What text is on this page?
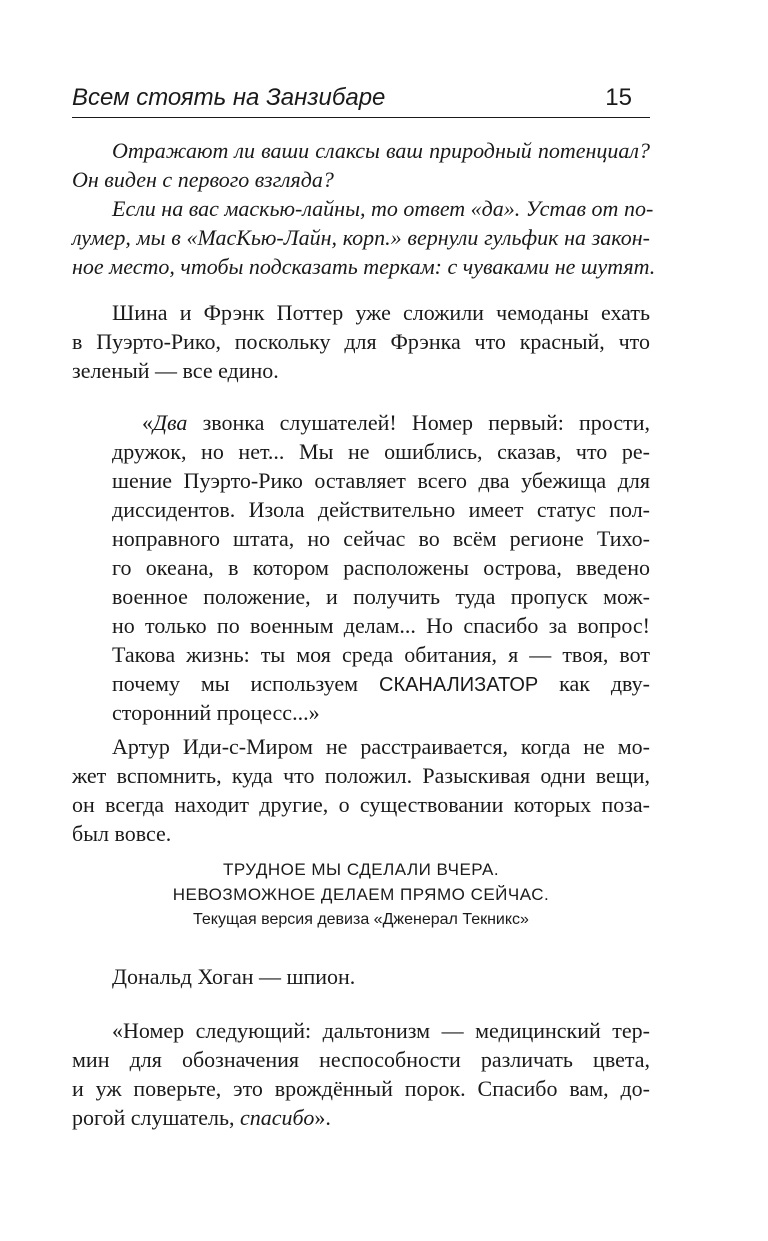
Всем стоять на Занзибаре	15
Отражают ли ваши слаксы ваш природный потенциал?
Он виден с первого взгляда?
Если на вас маскью-лайны, то ответ «да». Устав от по-
лумер, мы в «МасКью-Лайн, корп.» вернули гульфик на закон-
ное место, чтобы подсказать теркам: с чуваками не шутят.
Шина и Фрэнк Поттер уже сложили чемоданы ехать
в Пуэрто-Рико, поскольку для Фрэнка что красный, что
зеленый — все едино.
«Два звонка слушателей! Номер первый: прости,
дружок, но нет... Мы не ошиблись, сказав, что ре-
шение Пуэрто-Рико оставляет всего два убежища для
диссидентов. Изола действительно имеет статус пол-
ноправного штата, но сейчас во всём регионе Тихо-
го океана, в котором расположены острова, введено
военное положение, и получить туда пропуск мож-
но только по военным делам... Но спасибо за вопрос!
Такова жизнь: ты моя среда обитания, я — твоя, вот
почему мы используем СКАНАЛИЗАТОР как дву-
сторонний процесс...»
Артур Иди-с-Миром не расстраивается, когда не мо-
жет вспомнить, куда что положил. Разыскивая одни вещи,
он всегда находит другие, о существовании которых поза-
был вовсе.
ТРУДНОЕ МЫ СДЕЛАЛИ ВЧЕРА.
НЕВОЗМОЖНОЕ ДЕЛАЕМ ПРЯМО СЕЙЧАС.
Текущая версия девиза «Дженерал Текникс»
Дональд Хоган — шпион.
«Номер следующий: дальтонизм — медицинский тер-
мин для обозначения неспособности различать цвета,
и уж поверьте, это врождённый порок. Спасибо вам, до-
рогой слушатель, спасибо».
